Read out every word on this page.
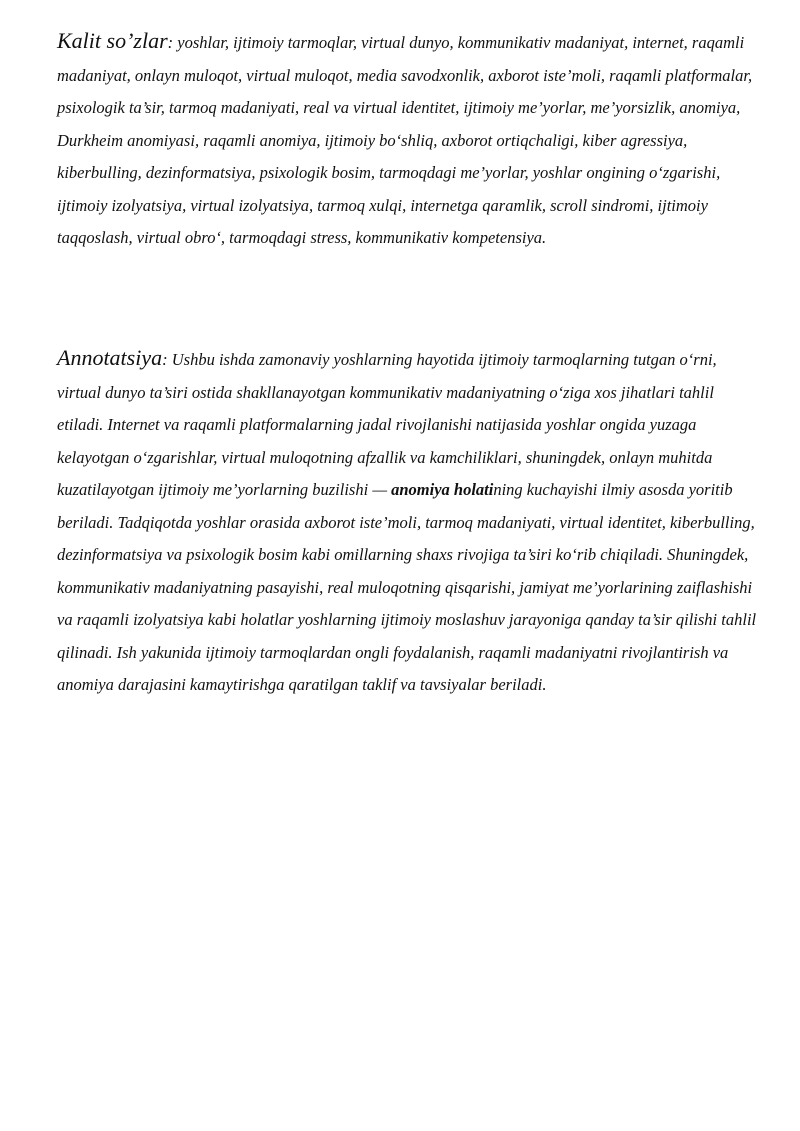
Kalit so’zlar: yoshlar, ijtimoiy tarmoqlar, virtual dunyo, kommunikativ madaniyat, internet, raqamli madaniyat, onlayn muloqot, virtual muloqot, media savodxonlik, axborot iste’moli, raqamli platformalar, psixologik ta’sir, tarmoq madaniyati, real va virtual identitet, ijtimoiy me’yorlar, me’yorsizlik, anomiya, Durkheim anomiyasi, raqamli anomiya, ijtimoiy bo‘shliq, axborot ortiqchaligi, kiber agressiya, kiberbulling, dezinformatsiya, psixologik bosim, tarmoqdagi me’yorlar, yoshlar ongining o‘zgarishi, ijtimoiy izolyatsiya, virtual izolyatsiya, tarmoq xulqi, internetga qaramlik, scroll sindromi, ijtimoiy taqqoslash, virtual obro‘, tarmoqdagi stress, kommunikativ kompetensiya.

Annotatsiya: Ushbu ishda zamonaviy yoshlarning hayotida ijtimoiy tarmoqlarning tutgan o‘rni, virtual dunyo ta’siri ostida shakllanayotgan kommunikativ madaniyatning o‘ziga xos jihatlari tahlil etiladi. Internet va raqamli platformalarning jadal rivojlanishi natijasida yoshlar ongida yuzaga kelayotgan o‘zgarishlar, virtual muloqotning afzallik va kamchiliklari, shuningdek, onlayn muhitda kuzatilayotgan ijtimoiy me’yorlarning buzilishi — anomiya holatining kuchayishi ilmiy asosda yoritib beriladi. Tadqiqotda yoshlar orasida axborot iste’moli, tarmoq madaniyati, virtual identitet, kiberbulling, dezinformatsiya va psixologik bosim kabi omillarning shaxs rivojiga ta’siri ko‘rib chiqiladi. Shuningdek, kommunikativ madaniyatning pasayishi, real muloqotning qisqarishi, jamiyat me’yorlarining zaiflashishi va raqamli izolyatsiya kabi holatlar yoshlarning ijtimoiy moslashuv jarayoniga qanday ta’sir qilishi tahlil qilinadi. Ish yakunida ijtimoiy tarmoqlardan ongli foydalanish, raqamli madaniyatni rivojlantirish va anomiya darajasini kamaytirishga qaratilgan taklif va tavsiyalar beriladi.
